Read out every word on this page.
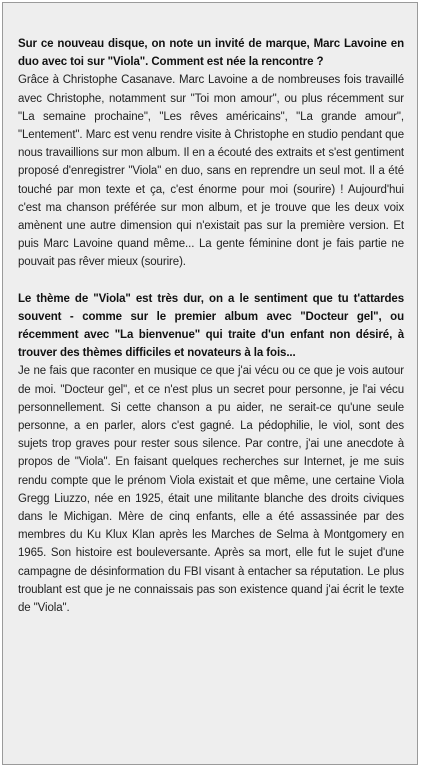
Sur ce nouveau disque, on note un invité de marque, Marc Lavoine en duo avec toi sur "Viola". Comment est née la rencontre ?
Grâce à Christophe Casanave. Marc Lavoine a de nombreuses fois travaillé avec Christophe, notamment sur "Toi mon amour", ou plus récemment sur "La semaine prochaine", "Les rêves américains", "La grande amour", "Lentement". Marc est venu rendre visite à Christophe en studio pendant que nous travaillions sur mon album. Il en a écouté des extraits et s'est gentiment proposé d'enregistrer "Viola" en duo, sans en reprendre un seul mot. Il a été touché par mon texte et ça, c'est énorme pour moi (sourire) ! Aujourd'hui c'est ma chanson préférée sur mon album, et je trouve que les deux voix amènent une autre dimension qui n'existait pas sur la première version. Et puis Marc Lavoine quand même... La gente féminine dont je fais partie ne pouvait pas rêver mieux (sourire).
Le thème de "Viola" est très dur, on a le sentiment que tu t'attardes souvent - comme sur le premier album avec "Docteur gel", ou récemment avec "La bienvenue" qui traite d'un enfant non désiré, à trouver des thèmes difficiles et novateurs à la fois...
Je ne fais que raconter en musique ce que j'ai vécu ou ce que je vois autour de moi. "Docteur gel", et ce n'est plus un secret pour personne, je l'ai vécu personnellement. Si cette chanson a pu aider, ne serait-ce qu'une seule personne, a en parler, alors c'est gagné. La pédophilie, le viol, sont des sujets trop graves pour rester sous silence. Par contre, j'ai une anecdote à propos de "Viola". En faisant quelques recherches sur Internet, je me suis rendu compte que le prénom Viola existait et que même, une certaine Viola Gregg Liuzzo, née en 1925, était une militante blanche des droits civiques dans le Michigan. Mère de cinq enfants, elle a été assassinée par des membres du Ku Klux Klan après les Marches de Selma à Montgomery en 1965. Son histoire est bouleversante. Après sa mort, elle fut le sujet d'une campagne de désinformation du FBI visant à entacher sa réputation. Le plus troublant est que je ne connaissais pas son existence quand j'ai écrit le texte de "Viola".
